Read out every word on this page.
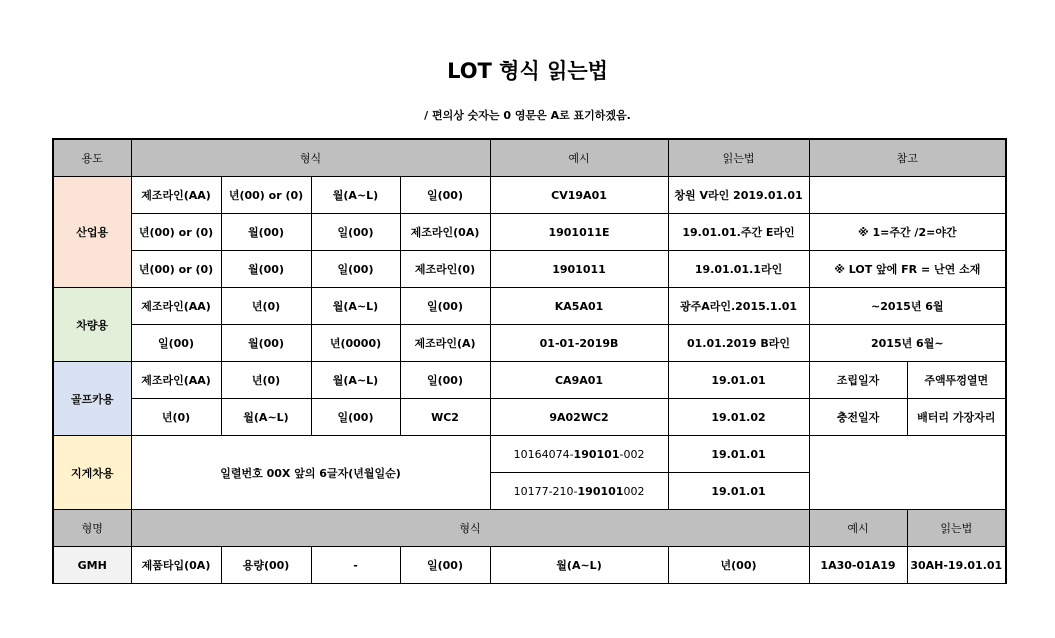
LOT 형식 읽는법
/ 편의상 숫자는 0 영문은 A로 표기하겠음.
용도	형식				예시	읽는법	참고	
산업용	제조라인(AA)	년(00) or (0)	월(A~L)	일(00)	CV19A01	창원 V라인 2019.01.01		
	년(00) or (0)	월(00)	일(00)	제조라인(0A)	1901011E	19.01.01.주간 E라인	※ 1=주간 /2=야간	
	년(00) or (0)	월(00)	일(00)	제조라인(0)	1901011	19.01.01.1라인	※ LOT 앞에 FR = 난연 소재	
차량용	제조라인(AA)	년(0)	월(A~L)	일(00)	KA5A01	광주A라인.2015.1.01	~2015년 6월	
	일(00)	월(00)	년(0000)	제조라인(A)	01-01-2019B	01.01.2019 B라인	2015년 6월~	
골프카용	제조라인(AA)	년(0)	월(A~L)	일(00)	CA9A01	19.01.01	조립일자	주액뚜껑열면
	년(0)	월(A~L)	일(00)	WC2	9A02WC2	19.01.02	충전일자	배터리 가장자리
지게차용	일렬번호 00X 앞의 6글자(년월일순)				10164074-190101-002	19.01.01		
					10177-210-190101002	19.01.01		
형명	형식						예시	읽는법
GMH	제품타입(0A)	용량(00)	-	일(00)	월(A~L)	년(00)	1A30-01A19	30AH-19.01.01
